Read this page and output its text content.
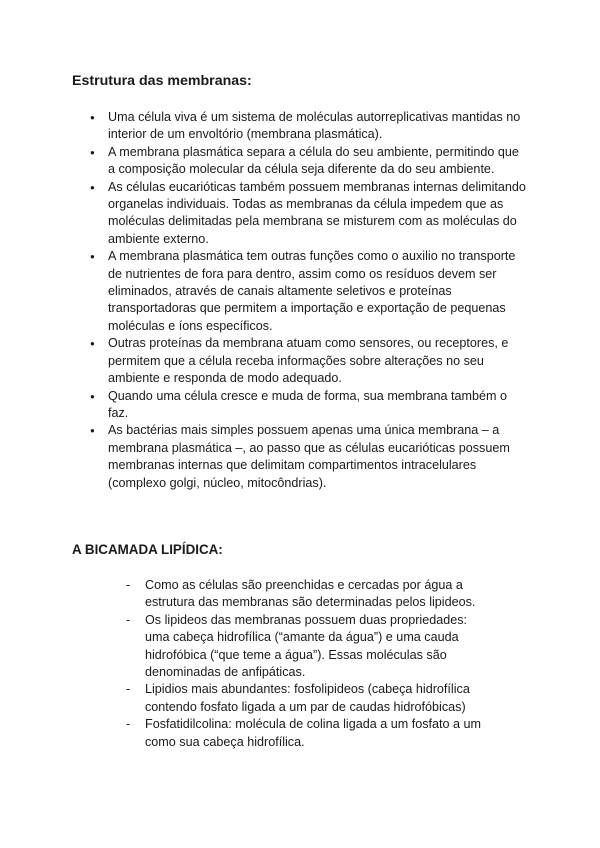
Estrutura das membranas:
● Uma célula viva é um sistema de moléculas autorreplicativas mantidas no interior de um envoltório (membrana plasmática).
● A membrana plasmática separa a célula do seu ambiente, permitindo que a composição molecular da célula seja diferente da do seu ambiente.
● As células eucarióticas também possuem membranas internas delimitando organelas individuais. Todas as membranas da célula impedem que as moléculas delimitadas pela membrana se misturem com as moléculas do ambiente externo.
● A membrana plasmática tem outras funções como o auxilio no transporte de nutrientes de fora para dentro, assim como os resíduos devem ser eliminados, através de canais altamente seletivos e proteínas transportadoras que permitem a importação e exportação de pequenas moléculas e íons específicos.
● Outras proteínas da membrana atuam como sensores, ou receptores, e permitem que a célula receba informações sobre alterações no seu ambiente e responda de modo adequado.
● Quando uma célula cresce e muda de forma, sua membrana também o faz.
● As bactérias mais simples possuem apenas uma única membrana – a membrana plasmática –, ao passo que as células eucarióticas possuem membranas internas que delimitam compartimentos intracelulares (complexo golgi, núcleo, mitocôndrias).
A BICAMADA LIPÍDICA:
- Como as células são preenchidas e cercadas por água a estrutura das membranas são determinadas pelos lipideos.
- Os lipideos das membranas possuem duas propriedades: uma cabeça hidrofílica (“amante da água”) e uma cauda hidrofóbica (“que teme a água”). Essas moléculas são denominadas de anfipáticas.
- Lipidios mais abundantes: fosfolipideos (cabeça hidrofílica contendo fosfato ligada a um par de caudas hidrofóbicas)
- Fosfatidilcolina: molécula de colina ligada a um fosfato a um como sua cabeça hidrofílica.
